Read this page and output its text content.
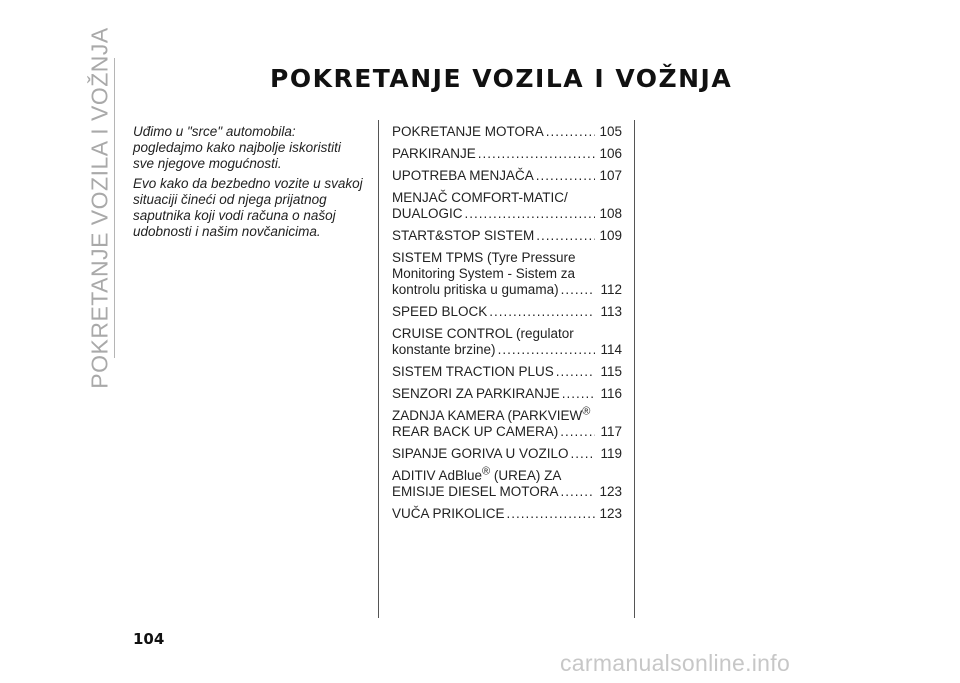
POKRETANJE VOZILA I VOŽNJA	POKRETANJE VOZILA I VOŽNJA

Uđimo u "srce" automobila: pogledajmo kako najbolje iskoristiti sve njegove mogućnosti.

Evo kako da bezbedno vozite u svakoj situaciji čineći od njega prijatnog saputnika koji vodi računa o našoj udobnosti i našim novčanicima.

POKRETANJE MOTORA .....	105
PARKIRANJE .....	106
UPOTREBA MENJAČA .....	107
MENJAČ COMFORT-MATIC/
DUALOGIC .....	108
START&STOP SISTEM .....	109
SISTEM TPMS (Tyre Pressure Monitoring System - Sistem za
kontrolu pritiska u gumama) .....	112
SPEED BLOCK .....	113
CRUISE CONTROL (regulator
konstante brzine) .....	114
SISTEM TRACTION PLUS .....	115
SENZORI ZA PARKIRANJE .....	116
ZADNJA KAMERA (PARKVIEW®
REAR BACK UP CAMERA) .....	117
SIPANJE GORIVA U VOZILO ..... 119
ADITIV AdBlue® (UREA) ZA
EMISIJE DIESEL MOTORA .....	123
VUČA PRIKOLICE .....	123
104
carmanualsonline.info
